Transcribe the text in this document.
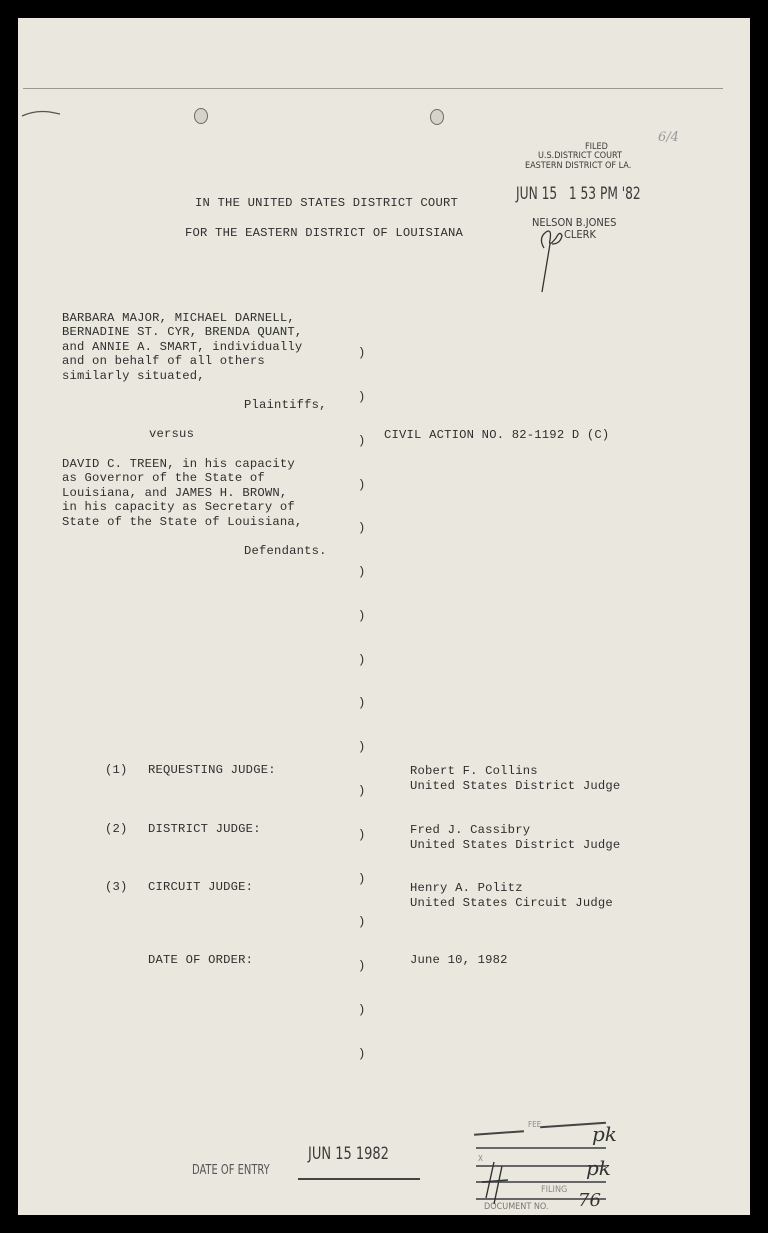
6/4
FILED
U.S.DISTRICT COURT
EASTERN DISTRICT OF LA.
JUN 15   1 53 PM '82
NELSON B.JONES
CLERK
IN THE UNITED STATES DISTRICT COURT
FOR THE EASTERN DISTRICT OF LOUISIANA
BARBARA MAJOR, MICHAEL DARNELL,
BERNADINE ST. CYR, BRENDA QUANT,
and ANNIE A. SMART, individually
and on behalf of all others
similarly situated,
Plaintiffs,
versus
DAVID C. TREEN, in his capacity
as Governor of the State of
Louisiana, and JAMES H. BROWN,
in his capacity as Secretary of
State of the State of Louisiana,
Defendants.

)

)

)

)

)

)

)

)

)

)

)

)

)

)

)

)

)

CIVIL ACTION NO. 82-1192 D (C)
(1) REQUESTING JUDGE:	Robert F. Collins
United States District Judge
(2) DISTRICT JUDGE:	Fred J. Cassibry
United States District Judge
(3) CIRCUIT JUDGE:	Henry A. Politz
United States Circuit Judge
DATE OF ORDER:	June 10, 1982
DATE OF ENTRY
JUN 15 1982
FEE
X
FILING
DOCUMENT NO.
pk
pk
76
